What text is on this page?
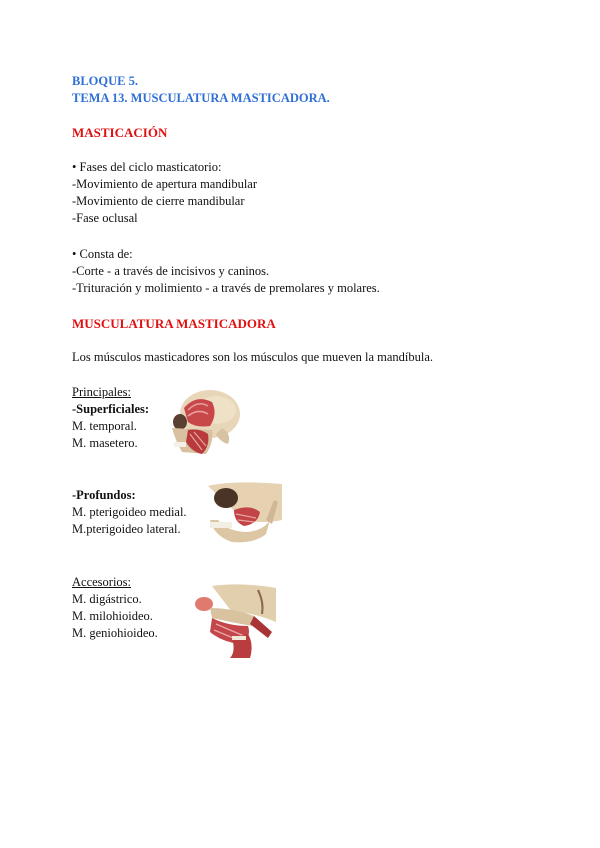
BLOQUE 5.
TEMA 13. MUSCULATURA MASTICADORA.
MASTICACIÓN
• Fases del ciclo masticatorio:
-Movimiento de apertura mandibular
-Movimiento de cierre mandibular
-Fase oclusal
• Consta de:
-Corte - a través de incisivos y caninos.
-Trituración y molimiento - a través de premolares y molares.
MUSCULATURA MASTICADORA
Los músculos masticadores son los músculos que mueven la mandíbula.
Principales:
-Superficiales:
M. temporal.
M. masetero.
-Profundos:
M. pterigoideo medial.
M.pterigoideo lateral.
Accesorios:
M. digástrico.
M. milohioideo.
M. geniohioideo.
